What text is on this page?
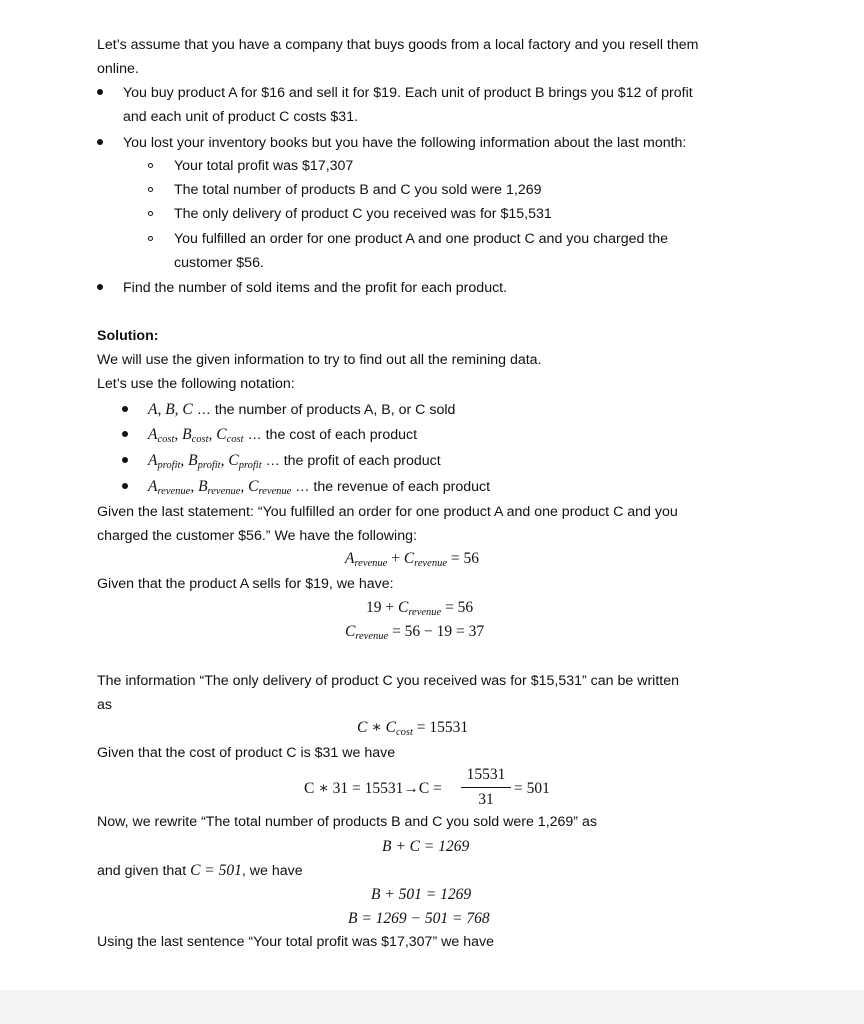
Let’s assume that you have a company that buys goods from a local factory and you resell them
online.
You buy product A for $16 and sell it for $19. Each unit of product B brings you $12 of profit
and each unit of product C costs $31.
You lost your inventory books but you have the following information about the last month:
Your total profit was $17,307
The total number of products B and C you sold were 1,269
The only delivery of product C you received was for $15,531
You fulfilled an order for one product A and one product C and you charged the
customer $56.
Find the number of sold items and the profit for each product.
Solution:
We will use the given information to try to find out all the remining data.
Let’s use the following notation:
A, B, C … the number of products A, B, or C sold
$A_{cost}$, $B_{cost}$, $C_{cost}$ … the cost of each product
$A_{profit}$, $B_{profit}$, $C_{profit}$ … the profit of each product
$A_{revenue}$, $B_{revenue}$, $C_{revenue}$ … the revenue of each product
Given the last statement: “You fulfilled an order for one product A and one product C and you
charged the customer $56.” We have the following:
$A_{revenue} + C_{revenue} = 56$
Given that the product A sells for $19, we have:
$19 + C_{revenue} = 56$
$C_{revenue} = 56 - 19 = 37$
The information “The only delivery of product C you received was for $15,531” can be written
as
C ∗ $C_{cost} = 15531$
Given that the cost of product C is $31 we have
C ∗ 31 = 15531→C =
15531
31
= 501
Now, we rewrite “The total number of products B and C you sold were 1,269” as
B + C = 1269
and given that C = 501, we have
B + 501 = 1269
B = 1269 − 501 = 768
Using the last sentence “Your total profit was $17,307” we have
